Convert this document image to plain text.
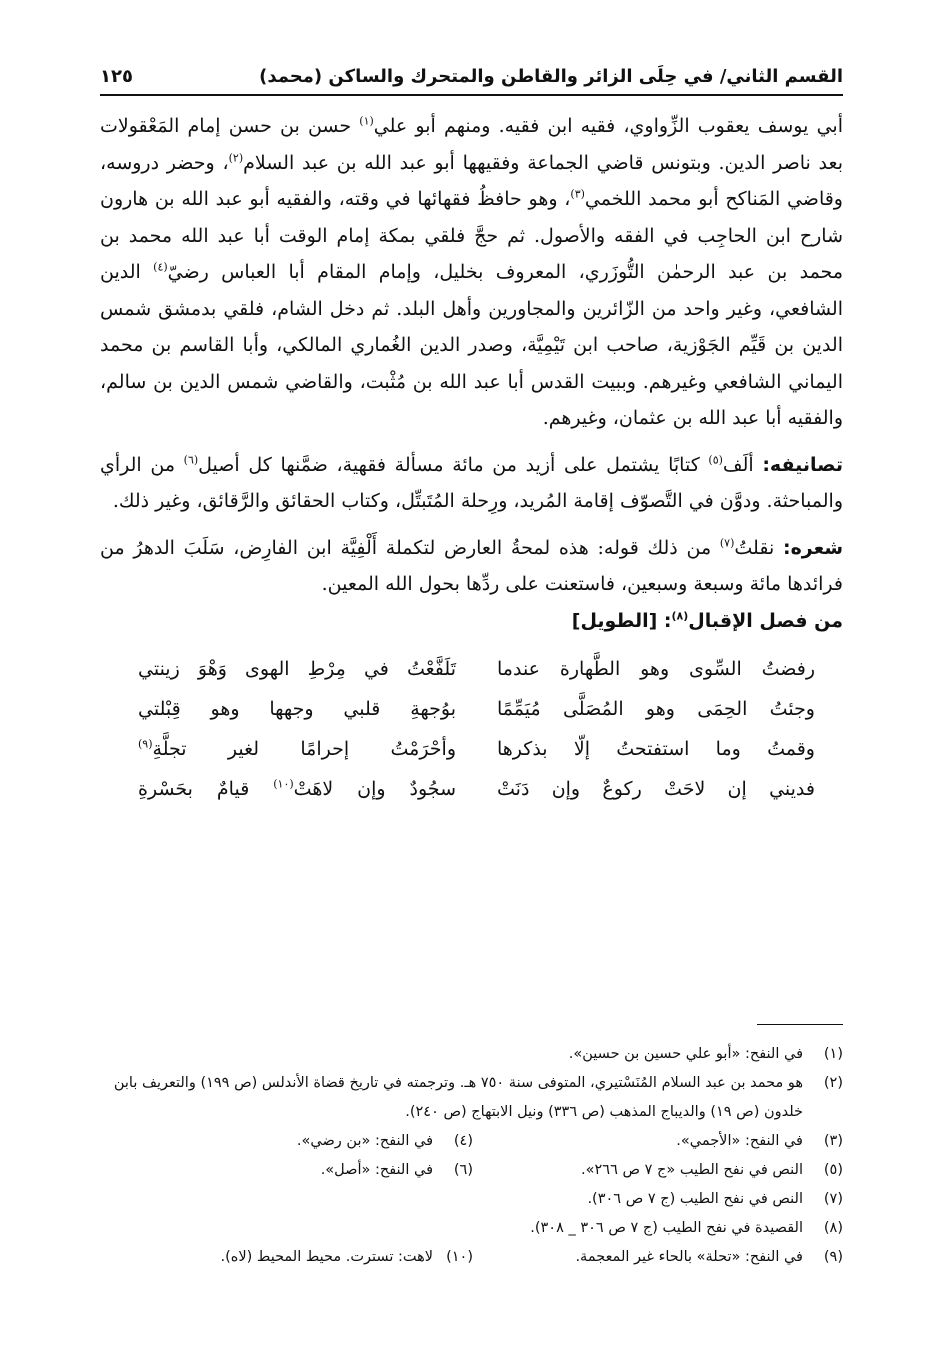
القسم الثاني/ في حِلَى الزائر والقاطن والمتحرك والساكن (محمد)
١٢٥

أبي يوسف يعقوب الزِّواوي، فقيه ابن فقيه. ومنهم أبو علي$^{(١)}$ حسن بن حسن إمام المَعْقولات بعد ناصر الدين. وبتونس قاضي الجماعة وفقيهها أبو عبد الله بن عبد السلام$^{(٢)}$، وحضر دروسه، وقاضي المَناكح أبو محمد اللخمي$^{(٣)}$، وهو حافظُ فقهائها في وقته، والفقيه أبو عبد الله بن هارون شارح ابن الحاجِب في الفقه والأصول. ثم حجَّ فلقي بمكة إمام الوقت أبا عبد الله محمد بن محمد بن عبد الرحمٰن التُّوزَري، المعروف بخليل، وإمام المقام أبا العباس رضيّ$^{(٤)}$ الدين الشافعي، وغير واحد من الزّائرين والمجاورين وأهل البلد. ثم دخل الشام، فلقي بدمشق شمس الدين بن قَيِّم الجَوْزية، صاحب ابن تَيْمِيَّة، وصدر الدين الغُماري المالكي، وأبا القاسم بن محمد اليماني الشافعي وغيرهم. وببيت القدس أبا عبد الله بن مُثْبت، والقاضي شمس الدين بن سالم، والفقيه أبا عبد الله بن عثمان، وغيرهم.

تصانيفه: ألَف$^{(٥)}$ كتابًا يشتمل على أزيد من مائة مسألة فقهية، ضمَّنها كل أصيل$^{(٦)}$ من الرأي والمباحثة. ودوَّن في التَّصوّف إقامة المُريد، ورِحلة المُتَبتِّل، وكتاب الحقائق والرَّقائق، وغير ذلك.

شعره: نقلتُ$^{(٧)}$ من ذلك قوله: هذه لمحةُ العارض لتكملة أَلْفِيَّة ابن الفارِض، سَلَبَ الدهرُ من فرائدها مائة وسبعة وسبعين، فاستعنت على ردِّها بحول الله المعين.

من فصل الإقبال$^{(٨)}$: [الطويل]

رفضتُ السِّوى وهو الطَّهارة عندما
تَلَفَّعْتُ في مِرْطِ الهوى وَهْوَ زينتي
وجئتُ الحِمَى وهو المُصَلَّى مُيَمِّمًا
بوُجهةِ قلبي وجهها وهو قِبْلتي
وقمتُ وما استفتحتُ إلّا بذكرها
وأحْرَمْتُ إحرامًا لغير تجلَّةِ$^{(٩)}$
فديني إن لاحَتْ ركوعٌ وإن دَنَتْ
سجُودٌ وإن لاهَتْ$^{(١٠)}$ قيامٌ بحَسْرةِ
(١)
في النفح: «أبو علي حسين بن حسين».
(٢)
هو محمد بن عبد السلام المُنَسْتيري، المتوفى سنة ٧٥٠ هـ. وترجمته في تاريخ قضاة الأندلس (ص ١٩٩) والتعريف بابن خلدون (ص ١٩) والديباج المذهب (ص ٣٣٦) ونيل الابتهاج (ص ٢٤٠).
(٣)
في النفح: «الأجمي».
(٤)
في النفح: «بن رضي».
(٥)
النص في نفح الطيب «ج ٧ ص ٢٦٦».
(٦)
في النفح: «أصل».
(٧)
النص في نفح الطيب (ج ٧ ص ٣٠٦).
(٨)
القصيدة في نفح الطيب (ج ٧ ص ٣٠٦ _ ٣٠٨).
(٩)
في النفح: «تحلة» بالحاء غير المعجمة.
(١٠)
لاهت: تسترت. محيط المحيط (لاه).
